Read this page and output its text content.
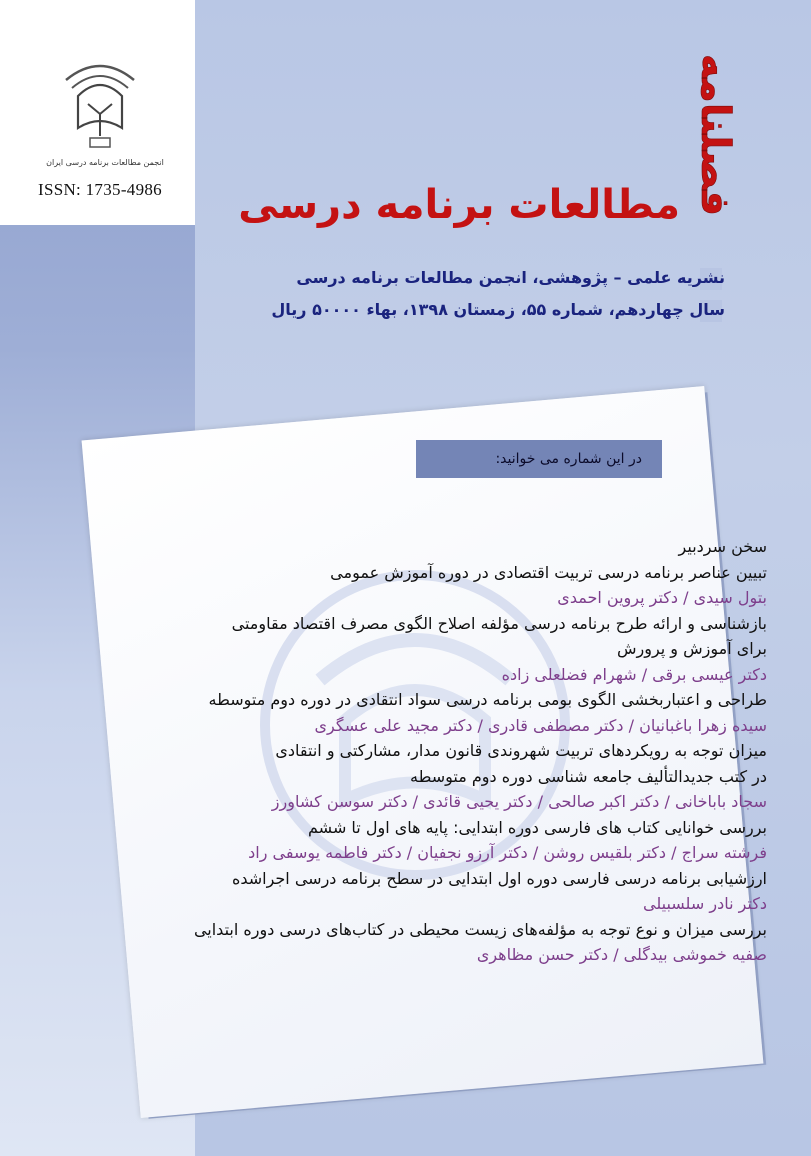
انجمن مطالعات برنامه درسی ایران
ISSN: 1735-4986	فصلنامه
مطالعات برنامه درسی
نشریه علمی – پژوهشی، انجمن مطالعات برنامه درسی
سال چهاردهم، شماره ۵۵، زمستان ۱۳۹۸، بهاء ۵۰۰۰۰ ریال
در این شماره می خوانید:
سخن سردبیر
تبیین عناصر برنامه درسی تربیت اقتصادی در دوره آموزش عمومی
بتول سیدی / دکتر پروین احمدی
بازشناسی و ارائه طرح برنامه درسی مؤلفه اصلاح الگوی مصرف اقتصاد مقاومتی
برای آموزش و پرورش
دکتر عیسی برقی / شهرام فضلعلی زاده
طراحی و اعتباربخشی الگوی بومی برنامه درسی سواد انتقادی در دوره دوم متوسطه
سیده زهرا باغبانیان / دکتر مصطفی قادری / دکتر مجید علی عسگری
میزان توجه به رویکردهای تربیت شهروندی قانون مدار، مشارکتی و انتقادی
در کتب جدیدالتألیف جامعه شناسی دوره دوم متوسطه
سجاد باباخانی / دکتر اکبر صالحی / دکتر یحیی قائدی / دکتر سوسن کشاورز
بررسی خوانایی کتاب های فارسی دوره ابتدایی: پایه های اول تا ششم
فرشته سراج / دکتر بلقیس روشن / دکتر آرزو نجفیان / دکتر فاطمه یوسفی راد
ارزشیابی برنامه درسی فارسی دوره اول ابتدایی در سطح برنامه درسی اجراشده
دکتر نادر سلسبیلی
بررسی میزان و نوع توجه به مؤلفه‌های زیست محیطی در کتاب‌های درسی دوره ابتدایی
صفیه خموشی بیدگلی / دکتر حسن مظاهری
